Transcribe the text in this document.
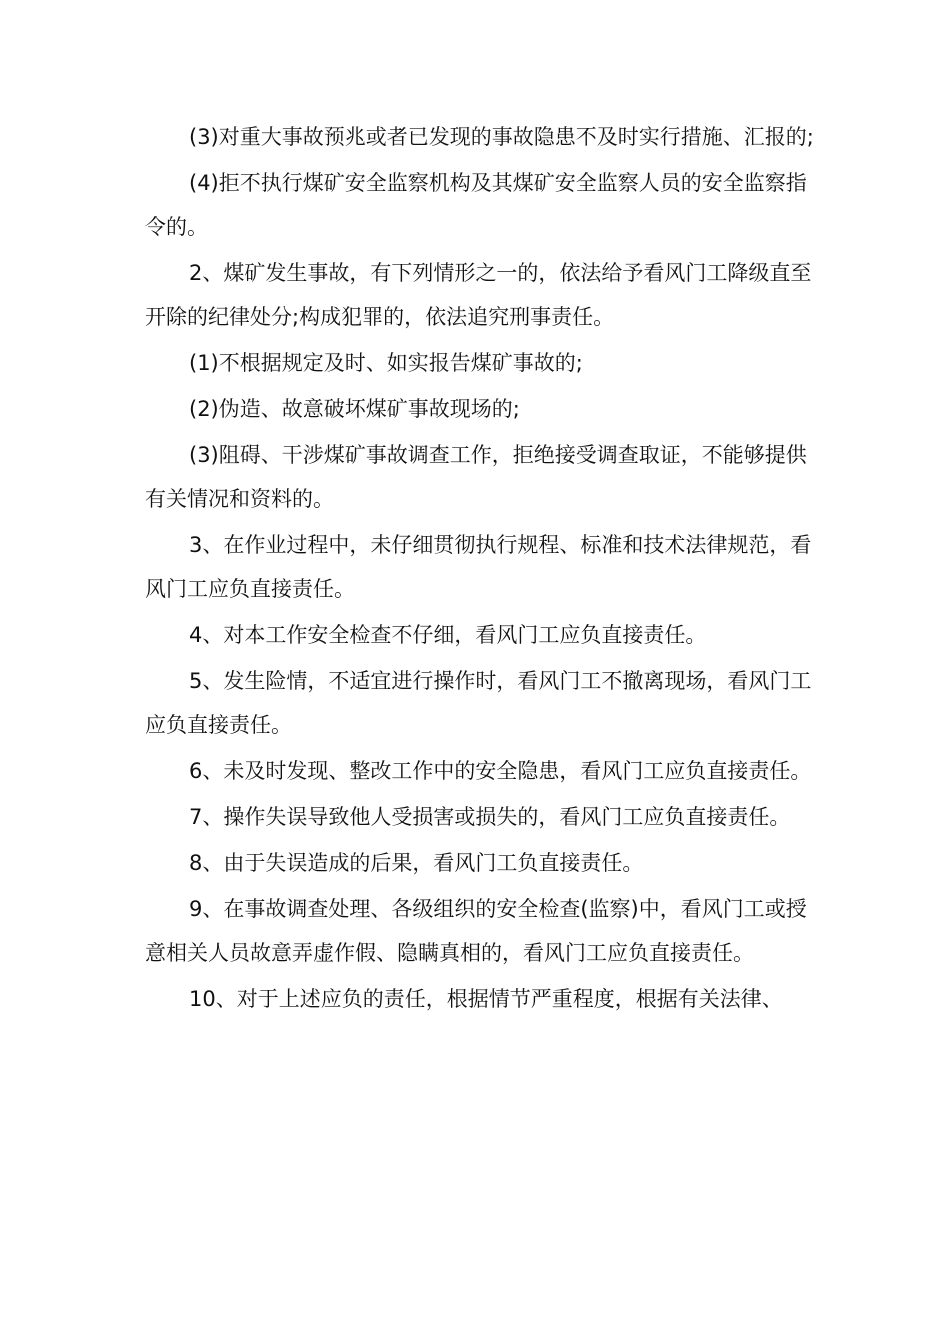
(3)对重大事故预兆或者已发现的事故隐患不及时实行措施、汇报的;

(4)拒不执行煤矿安全监察机构及其煤矿安全监察人员的安全监察指令的。

2、煤矿发生事故，有下列情形之一的，依法给予看风门工降级直至开除的纪律处分;构成犯罪的，依法追究刑事责任。

(1)不根据规定及时、如实报告煤矿事故的;

(2)伪造、故意破坏煤矿事故现场的;

(3)阻碍、干涉煤矿事故调查工作，拒绝接受调查取证，不能够提供有关情况和资料的。

3、在作业过程中，未仔细贯彻执行规程、标准和技术法律规范，看风门工应负直接责任。

4、对本工作安全检查不仔细，看风门工应负直接责任。

5、发生险情，不适宜进行操作时，看风门工不撤离现场，看风门工应负直接责任。

6、未及时发现、整改工作中的安全隐患，看风门工应负直接责任。

7、操作失误导致他人受损害或损失的，看风门工应负直接责任。

8、由于失误造成的后果，看风门工负直接责任。

9、在事故调查处理、各级组织的安全检查(监察)中，看风门工或授意相关人员故意弄虚作假、隐瞒真相的，看风门工应负直接责任。

10、对于上述应负的责任，根据情节严重程度，根据有关法律、
